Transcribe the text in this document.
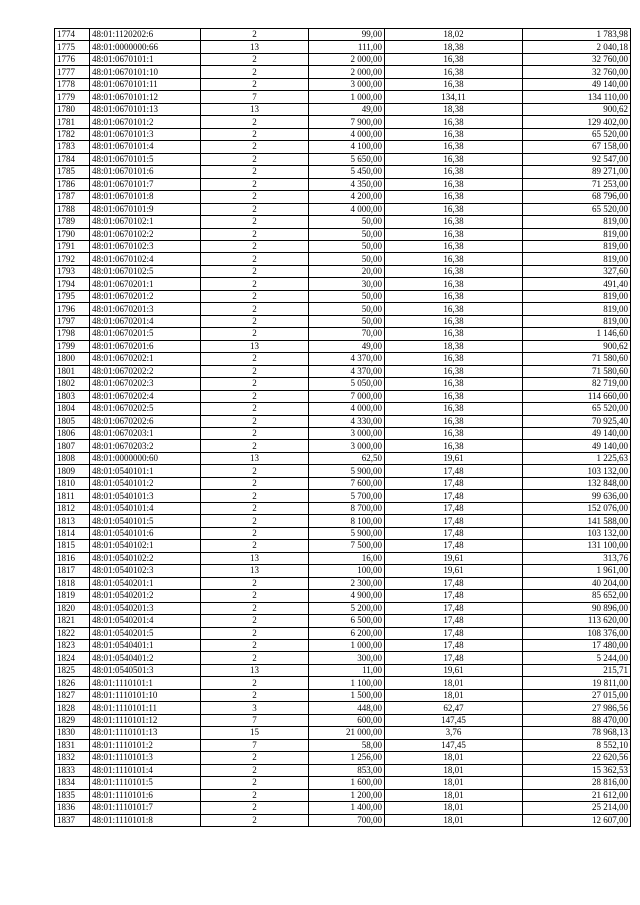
1774	48:01:1120202:6	2	99,00	18,02	1 783,98
1775	48:01:0000000:66	13	111,00	18,38	2 040,18
1776	48:01:0670101:1	2	2 000,00	16,38	32 760,00
1777	48:01:0670101:10	2	2 000,00	16,38	32 760,00
1778	48:01:0670101:11	2	3 000,00	16,38	49 140,00
1779	48:01:0670101:12	7	1 000,00	134,11	134 110,00
1780	48:01:0670101:13	13	49,00	18,38	900,62
1781	48:01:0670101:2	2	7 900,00	16,38	129 402,00
1782	48:01:0670101:3	2	4 000,00	16,38	65 520,00
1783	48:01:0670101:4	2	4 100,00	16,38	67 158,00
1784	48:01:0670101:5	2	5 650,00	16,38	92 547,00
1785	48:01:0670101:6	2	5 450,00	16,38	89 271,00
1786	48:01:0670101:7	2	4 350,00	16,38	71 253,00
1787	48:01:0670101:8	2	4 200,00	16,38	68 796,00
1788	48:01:0670101:9	2	4 000,00	16,38	65 520,00
1789	48:01:0670102:1	2	50,00	16,38	819,00
1790	48:01:0670102:2	2	50,00	16,38	819,00
1791	48:01:0670102:3	2	50,00	16,38	819,00
1792	48:01:0670102:4	2	50,00	16,38	819,00
1793	48:01:0670102:5	2	20,00	16,38	327,60
1794	48:01:0670201:1	2	30,00	16,38	491,40
1795	48:01:0670201:2	2	50,00	16,38	819,00
1796	48:01:0670201:3	2	50,00	16,38	819,00
1797	48:01:0670201:4	2	50,00	16,38	819,00
1798	48:01:0670201:5	2	70,00	16,38	1 146,60
1799	48:01:0670201:6	13	49,00	18,38	900,62
1800	48:01:0670202:1	2	4 370,00	16,38	71 580,60
1801	48:01:0670202:2	2	4 370,00	16,38	71 580,60
1802	48:01:0670202:3	2	5 050,00	16,38	82 719,00
1803	48:01:0670202:4	2	7 000,00	16,38	114 660,00
1804	48:01:0670202:5	2	4 000,00	16,38	65 520,00
1805	48:01:0670202:6	2	4 330,00	16,38	70 925,40
1806	48:01:0670203:1	2	3 000,00	16,38	49 140,00
1807	48:01:0670203:2	2	3 000,00	16,38	49 140,00
1808	48:01:0000000:60	13	62,50	19,61	1 225,63
1809	48:01:0540101:1	2	5 900,00	17,48	103 132,00
1810	48:01:0540101:2	2	7 600,00	17,48	132 848,00
1811	48:01:0540101:3	2	5 700,00	17,48	99 636,00
1812	48:01:0540101:4	2	8 700,00	17,48	152 076,00
1813	48:01:0540101:5	2	8 100,00	17,48	141 588,00
1814	48:01:0540101:6	2	5 900,00	17,48	103 132,00
1815	48:01:0540102:1	2	7 500,00	17,48	131 100,00
1816	48:01:0540102:2	13	16,00	19,61	313,76
1817	48:01:0540102:3	13	100,00	19,61	1 961,00
1818	48:01:0540201:1	2	2 300,00	17,48	40 204,00
1819	48:01:0540201:2	2	4 900,00	17,48	85 652,00
1820	48:01:0540201:3	2	5 200,00	17,48	90 896,00
1821	48:01:0540201:4	2	6 500,00	17,48	113 620,00
1822	48:01:0540201:5	2	6 200,00	17,48	108 376,00
1823	48:01:0540401:1	2	1 000,00	17,48	17 480,00
1824	48:01:0540401:2	2	300,00	17,48	5 244,00
1825	48:01:0540501:3	13	11,00	19,61	215,71
1826	48:01:1110101:1	2	1 100,00	18,01	19 811,00
1827	48:01:1110101:10	2	1 500,00	18,01	27 015,00
1828	48:01:1110101:11	3	448,00	62,47	27 986,56
1829	48:01:1110101:12	7	600,00	147,45	88 470,00
1830	48:01:1110101:13	15	21 000,00	3,76	78 968,13
1831	48:01:1110101:2	7	58,00	147,45	8 552,10
1832	48:01:1110101:3	2	1 256,00	18,01	22 620,56
1833	48:01:1110101:4	2	853,00	18,01	15 362,53
1834	48:01:1110101:5	2	1 600,00	18,01	28 816,00
1835	48:01:1110101:6	2	1 200,00	18,01	21 612,00
1836	48:01:1110101:7	2	1 400,00	18,01	25 214,00
1837	48:01:1110101:8	2	700,00	18,01	12 607,00
